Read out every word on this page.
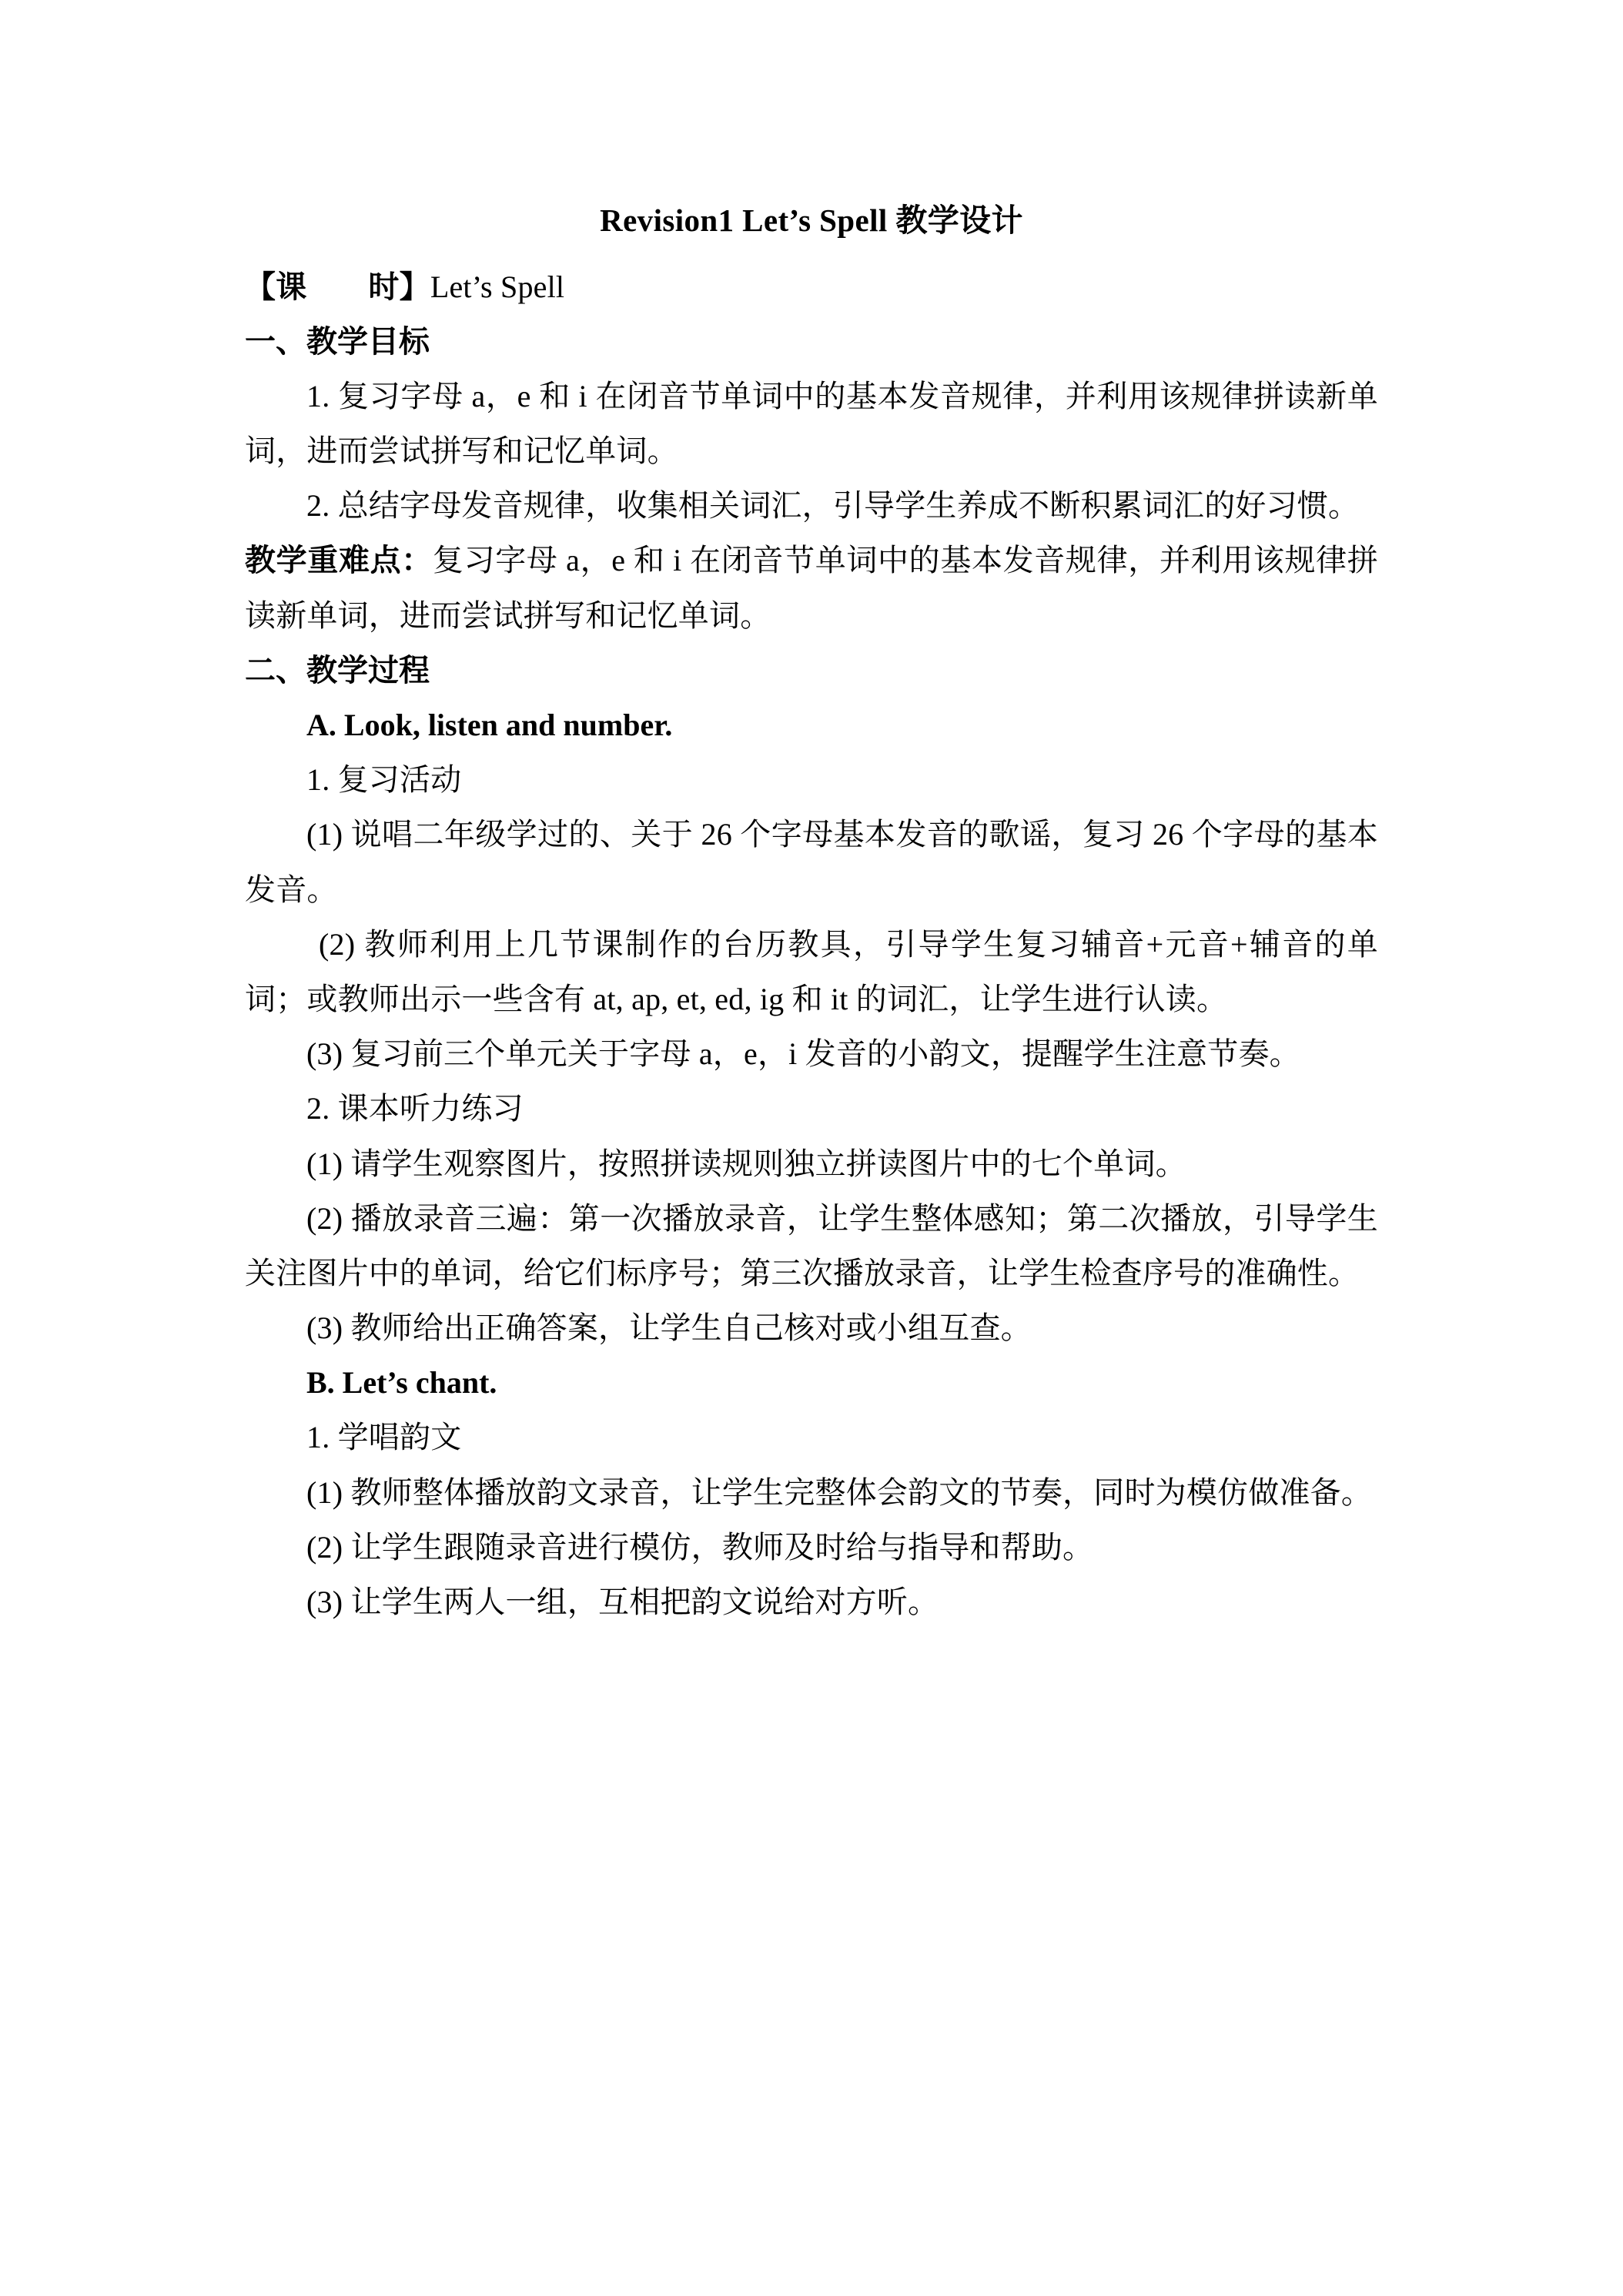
Revision1 Let’s Spell 教学设计

【课 时】Let’s Spell

一、教学目标

1. 复习字母 a，e 和 i 在闭音节单词中的基本发音规律，并利用该规律拼读新单词，进而尝试拼写和记忆单词。

2. 总结字母发音规律，收集相关词汇，引导学生养成不断积累词汇的好习惯。

教学重难点：复习字母 a，e 和 i 在闭音节单词中的基本发音规律，并利用该规律拼读新单词，进而尝试拼写和记忆单词。

二、教学过程

A. Look, listen and number.

1. 复习活动

(1) 说唱二年级学过的、关于 26 个字母基本发音的歌谣，复习 26 个字母的基本发音。

(2) 教师利用上几节课制作的台历教具，引导学生复习辅音+元音+辅音的单词；或教师出示一些含有 at, ap, et, ed, ig 和 it 的词汇，让学生进行认读。

(3) 复习前三个单元关于字母 a，e，i 发音的小韵文，提醒学生注意节奏。

2. 课本听力练习

(1) 请学生观察图片，按照拼读规则独立拼读图片中的七个单词。

(2) 播放录音三遍：第一次播放录音，让学生整体感知；第二次播放，引导学生关注图片中的单词，给它们标序号；第三次播放录音，让学生检查序号的准确性。

(3) 教师给出正确答案，让学生自己核对或小组互查。

B. Let’s chant.

1. 学唱韵文

(1) 教师整体播放韵文录音，让学生完整体会韵文的节奏，同时为模仿做准备。

(2) 让学生跟随录音进行模仿，教师及时给与指导和帮助。

(3) 让学生两人一组，互相把韵文说给对方听。
